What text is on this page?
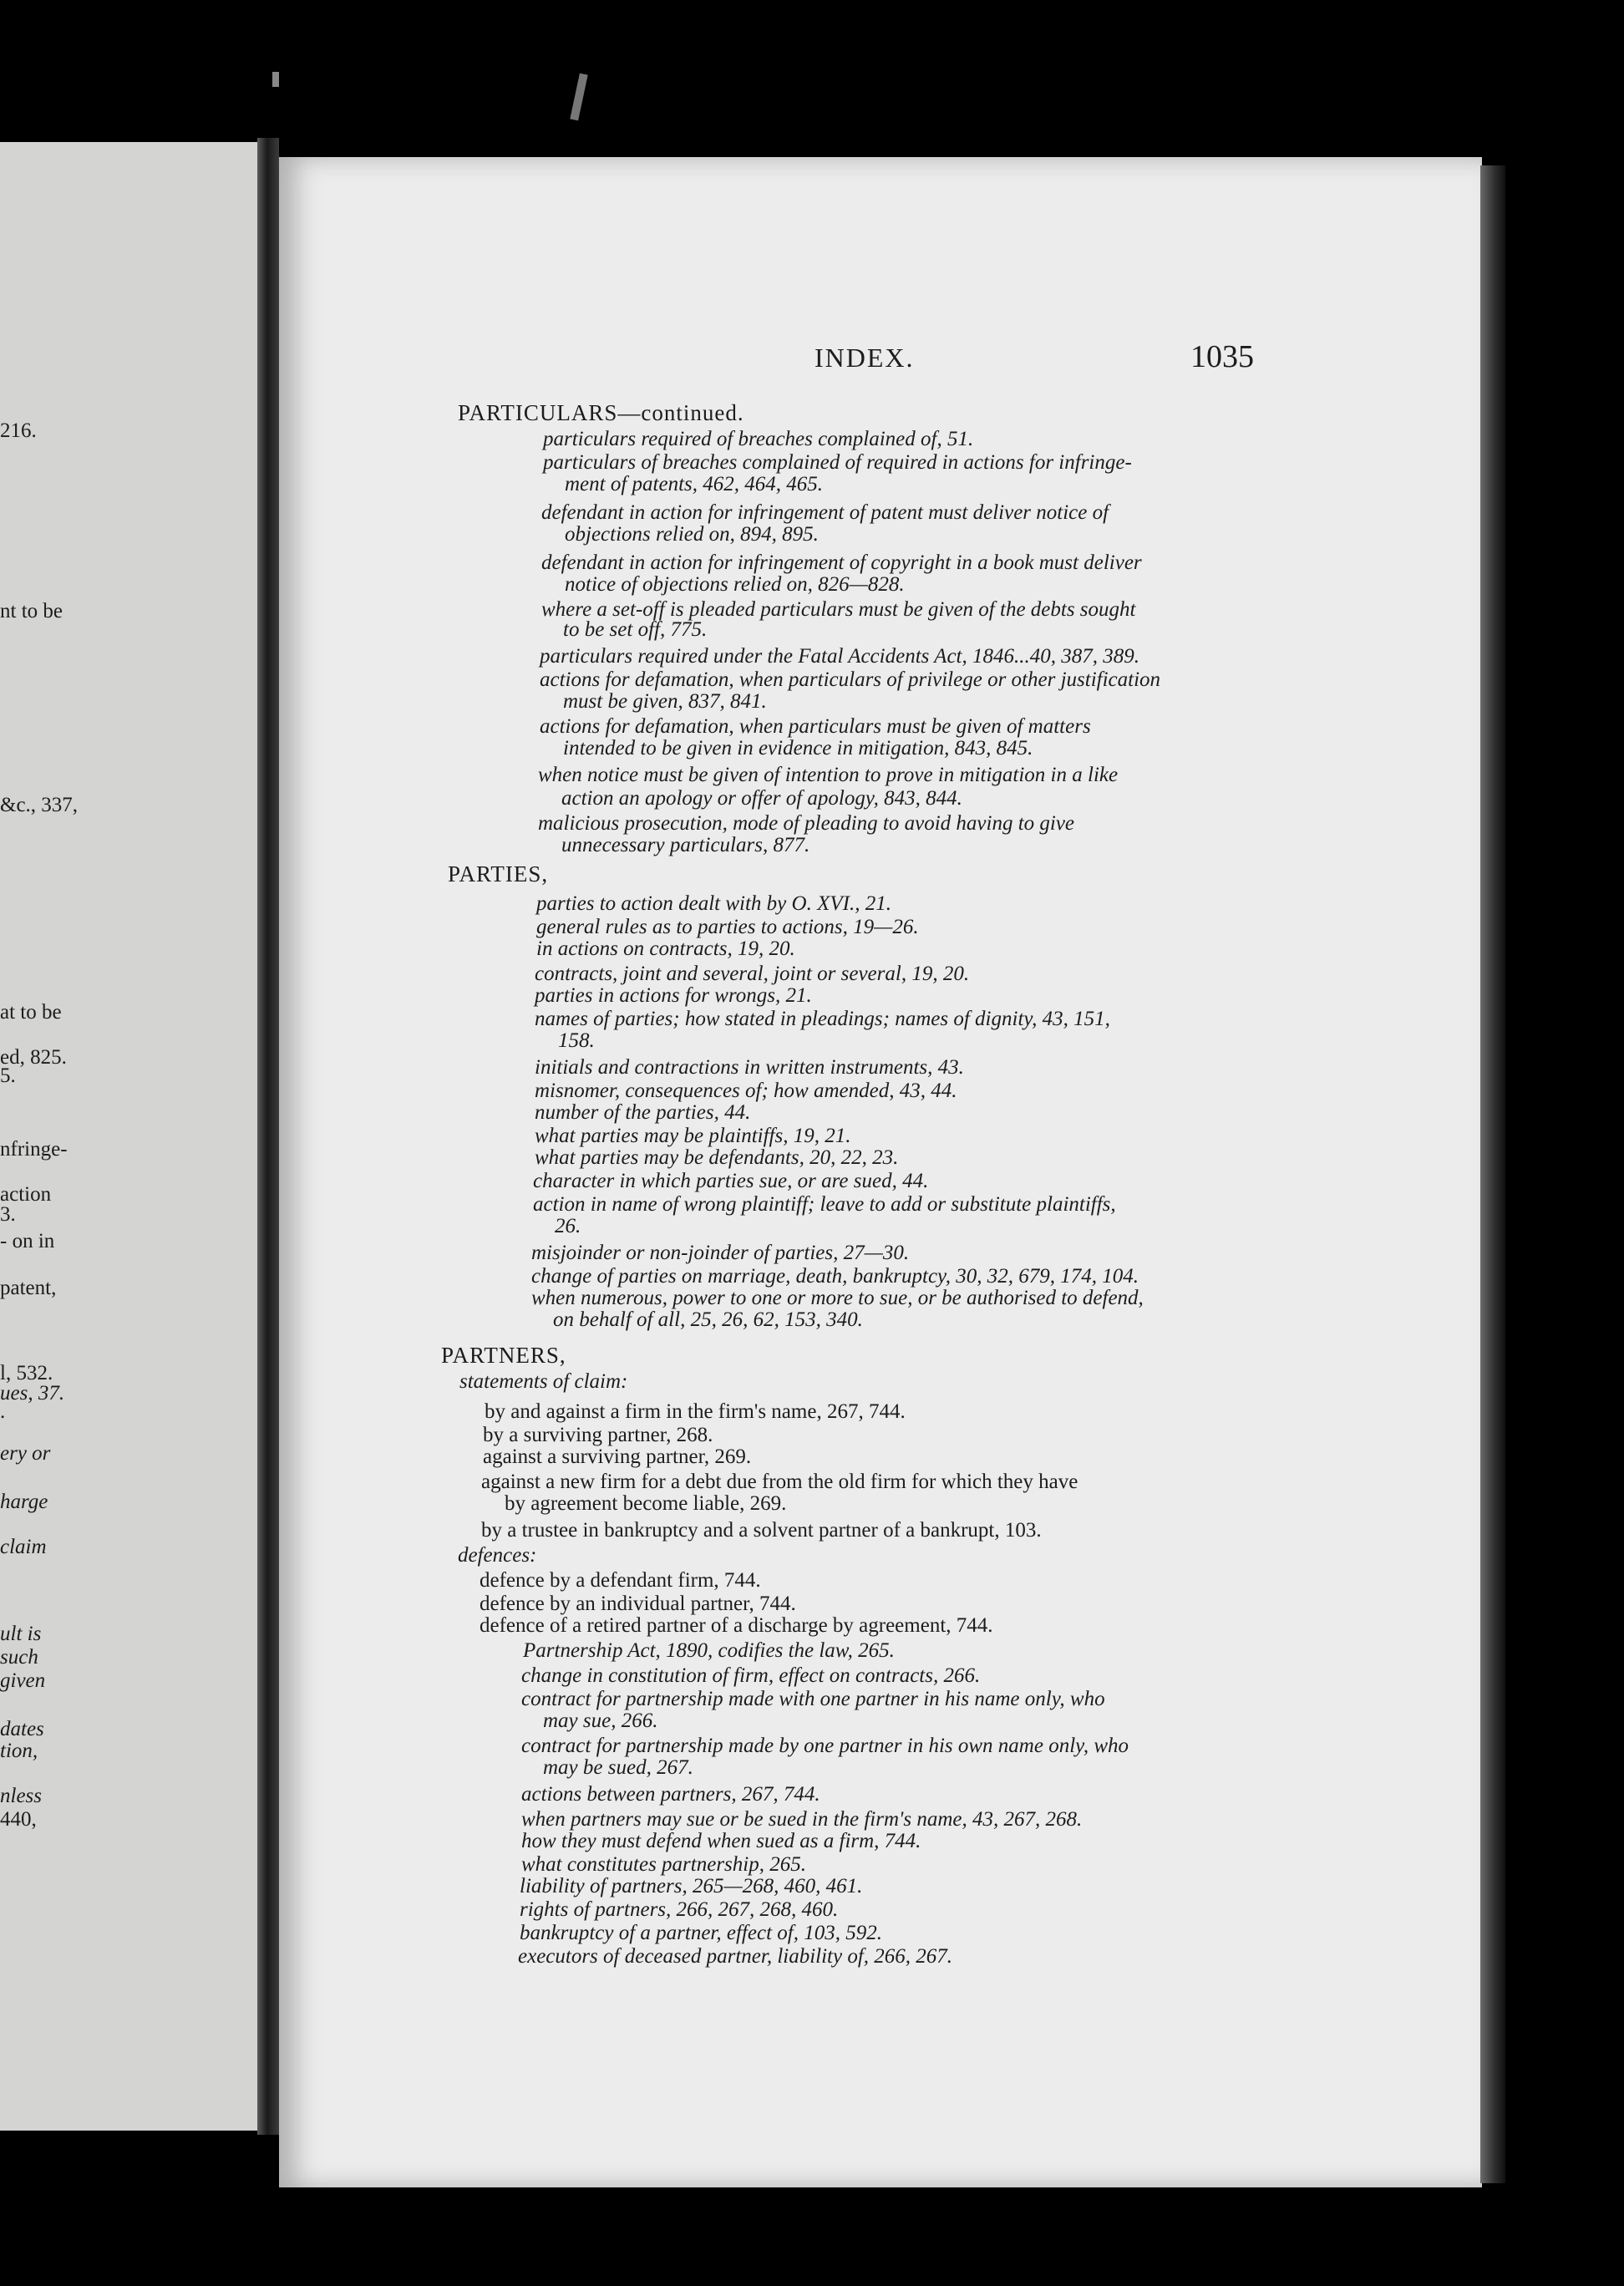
216.
nt to be
&c., 337,
at to be
ed, 825.
5.
nfringe-
action
3.
- on in
patent,
l, 532.
ues, 37.
.
ery or
harge
claim
ult is
such
given
dates
tion,
nless
440,
INDEX.	1035
PARTICULARS—continued.
particulars required of breaches complained of, 51.
particulars of breaches complained of required in actions for infringe-
ment of patents, 462, 464, 465.
defendant in action for infringement of patent must deliver notice of
objections relied on, 894, 895.
defendant in action for infringement of copyright in a book must deliver
notice of objections relied on, 826—828.
where a set-off is pleaded particulars must be given of the debts sought
to be set off, 775.
particulars required under the Fatal Accidents Act, 1846...40, 387, 389.
actions for defamation, when particulars of privilege or other justification
must be given, 837, 841.
actions for defamation, when particulars must be given of matters
intended to be given in evidence in mitigation, 843, 845.
when notice must be given of intention to prove in mitigation in a like
action an apology or offer of apology, 843, 844.
malicious prosecution, mode of pleading to avoid having to give
unnecessary particulars, 877.
PARTIES,
parties to action dealt with by O. XVI., 21.
general rules as to parties to actions, 19—26.
in actions on contracts, 19, 20.
contracts, joint and several, joint or several, 19, 20.
parties in actions for wrongs, 21.
names of parties; how stated in pleadings; names of dignity, 43, 151,
158.
initials and contractions in written instruments, 43.
misnomer, consequences of; how amended, 43, 44.
number of the parties, 44.
what parties may be plaintiffs, 19, 21.
what parties may be defendants, 20, 22, 23.
character in which parties sue, or are sued, 44.
action in name of wrong plaintiff; leave to add or substitute plaintiffs,
26.
misjoinder or non-joinder of parties, 27—30.
change of parties on marriage, death, bankruptcy, 30, 32, 679, 174, 104.
when numerous, power to one or more to sue, or be authorised to defend,
on behalf of all, 25, 26, 62, 153, 340.
PARTNERS,
statements of claim:
by and against a firm in the firm's name, 267, 744.
by a surviving partner, 268.
against a surviving partner, 269.
against a new firm for a debt due from the old firm for which they have
by agreement become liable, 269.
by a trustee in bankruptcy and a solvent partner of a bankrupt, 103.
defences:
defence by a defendant firm, 744.
defence by an individual partner, 744.
defence of a retired partner of a discharge by agreement, 744.
Partnership Act, 1890, codifies the law, 265.
change in constitution of firm, effect on contracts, 266.
contract for partnership made with one partner in his name only, who
may sue, 266.
contract for partnership made by one partner in his own name only, who
may be sued, 267.
actions between partners, 267, 744.
when partners may sue or be sued in the firm's name, 43, 267, 268.
how they must defend when sued as a firm, 744.
what constitutes partnership, 265.
liability of partners, 265—268, 460, 461.
rights of partners, 266, 267, 268, 460.
bankruptcy of a partner, effect of, 103, 592.
executors of deceased partner, liability of, 266, 267.
